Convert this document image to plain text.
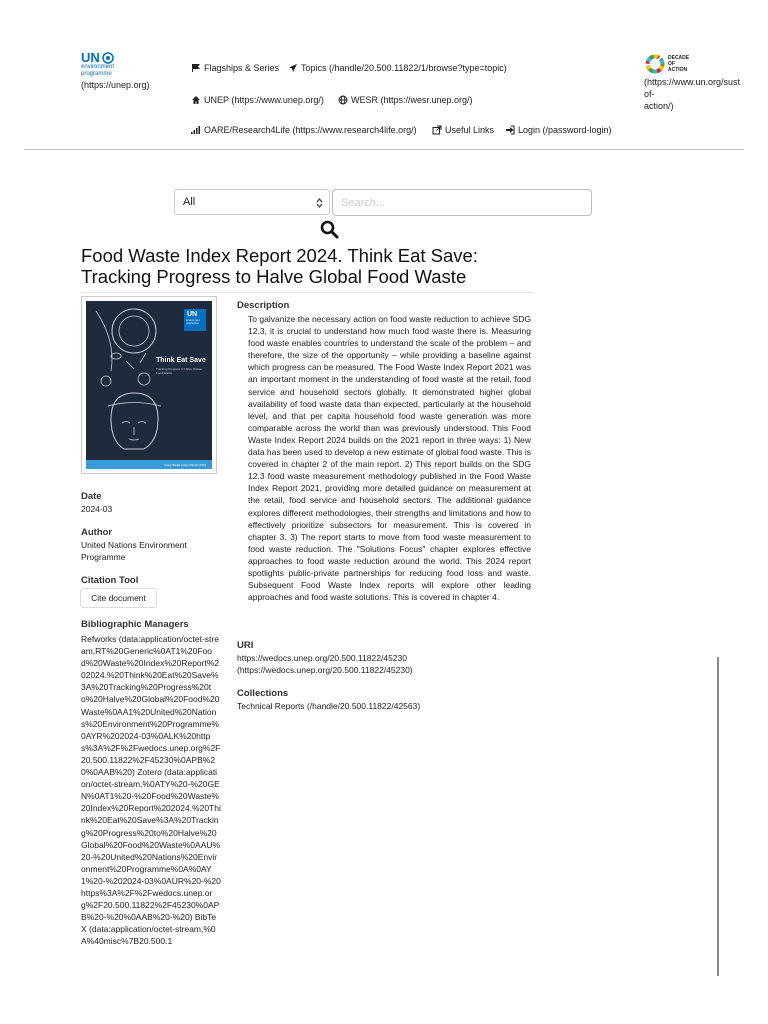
UN
environment
programme
(https://unep.org)
Flagships & Series Topics (/handle/20.500.11822/1/browse?type=topic)
UNEP (https://www.unep.org/)	WESR (https://wesr.unep.org/)
OARE/Research4Life (https://www.research4life.org/)	Useful Links	Login (/password-login)
DECADE
OF
ACTION
(https://www.un.org/sust
of-
action/)
All
Search...
Food Waste Index Report 2024. Think Eat Save:
Tracking Progress to Halve Global Food Waste
UN
environment programme
Think Eat Save
Tracking Progress to Halve Global Food Waste
Food Waste Index Report 2024
Date
2024-03
Author
United Nations Environment Programme
Citation Tool
Cite document
Bibliographic Managers
Refworks (data:application/octet-stream,RT%20Generic%0AT1%20Food%20Waste%20Index%20Report%202024.%20Think%20Eat%20Save%3A%20Tracking%20Progress%20to%20Halve%20Global%20Food%20Waste%0AA1%20United%20Nations%20Environment%20Programme%0AYR%202024-03%0ALK%20https%3A%2F%2Fwedocs.unep.org%2F20.500.11822%2F45230%0APB%20%0AAB%20) Zotero (data:application/octet-stream,%0ATY%20-%20GEN%0AT1%20-%20Food%20Waste%20Index%20Report%202024.%20Think%20Eat%20Save%3A%20Tracking%20Progress%20to%20Halve%20Global%20Food%20Waste%0AAU%20-%20United%20Nations%20Environment%20Programme%0A%0AY1%20-%202024-03%0AUR%20-%20https%3A%2F%2Fwedocs.unep.org%2F20.500.11822%2F45230%0APB%20-%20%0AAB%20-%20) BibTeX (data:application/octet-stream,%0A%40misc%7B20.500.1
Description
To galvanize the necessary action on food waste reduction to achieve SDG 12.3, it is crucial to understand how much food waste there is. Measuring food waste enables countries to understand the scale of the problem – and therefore, the size of the opportunity – while providing a baseline against which progress can be measured. The Food Waste Index Report 2021 was an important moment in the understanding of food waste at the retail, food service and household sectors globally. It demonstrated higher global availability of food waste data than expected, particularly at the household level, and that per capita household food waste generation was more comparable across the world than was previously understood. This Food Waste Index Report 2024 builds on the 2021 report in three ways: 1) New data has been used to develop a new estimate of global food waste. This is covered in chapter 2 of the main report. 2) This report builds on the SDG 12.3 food waste measurement methodology published in the Food Waste Index Report 2021, providing more detailed guidance on measurement at the retail, food service and household sectors. The additional guidance explores different methodologies, their strengths and limitations and how to effectively prioritize subsectors for measurement. This is covered in chapter 3. 3) The report starts to move from food waste measurement to food waste reduction. The "Solutions Focus" chapter explores effective approaches to food waste reduction around the world. This 2024 report spotlights public-private partnerships for reducing food loss and waste. Subsequent Food Waste Index reports will explore other leading approaches and food waste solutions. This is covered in chapter 4.
URI
https://wedocs.unep.org/20.500.11822/45230
(https://wedocs.unep.org/20.500.11822/45230)
Collections
Technical Reports (/handle/20.500.11822/42563)
